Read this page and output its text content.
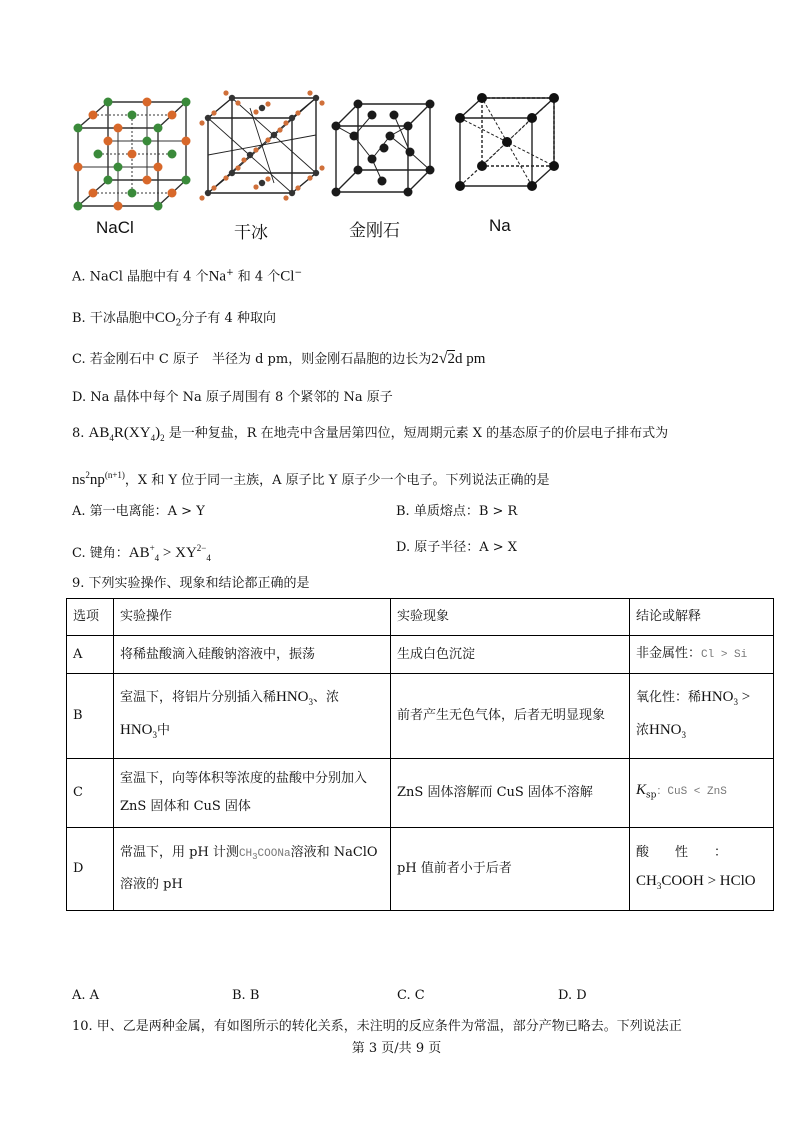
NaCl	干冰	金刚石	Na
A. NaCl 晶胞中有 4 个Na+ 和 4 个Cl−
B. 干冰晶胞中$CO_2$分子有 4 种取向
C. 若金刚石中 C 原子　半径为 d pm，则金刚石晶胞的边长为2√2d pm
D. Na 晶体中每个 Na 原子周围有 8 个紧邻的 Na 原子
8. $AB_4R(XY_4)_2$ 是一种复盐，R 在地壳中含量居第四位，短周期元素 X 的基态原子的价层电子排布式为
$ns^2np^{(n+1)}$，X 和 Y 位于同一主族，A 原子比 Y 原子少一个电子。下列说法正确的是
A. 第一电离能：A > Y	B. 单质熔点：B > R
C. 键角：$AB^+_4 > XY^{2-}_4$
D. 原子半径：A > X
9. 下列实验操作、现象和结论都正确的是
选项	实验操作	实验现象	结论或解释
A	将稀盐酸滴入硅酸钠溶液中，振荡	生成白色沉淀	非金属性：Cl > Si
B	室温下，将铝片分别插入稀$HNO_3$、浓
$HNO_3$中	前者产生无色气体，后者无明显现象	氧化性：稀$HNO_3$ >
浓$HNO_3$
C	室温下，向等体积等浓度的盐酸中分别加入 ZnS 固体和 CuS 固体	ZnS 固体溶解而 CuS 固体不溶解	$K_{sp}$：CuS < ZnS
D	常温下，用 pH 计测$CH_3COONa$溶液和 NaClO 溶液的 pH	pH 值前者小于后者	酸　　性　　：
$CH_3COOH$ > HClO
A. A	B. B	C. C	D. D
10. 甲、乙是两种金属，有如图所示的转化关系，未注明的反应条件为常温，部分产物已略去。下列说法正
第 3 页/共 9 页
